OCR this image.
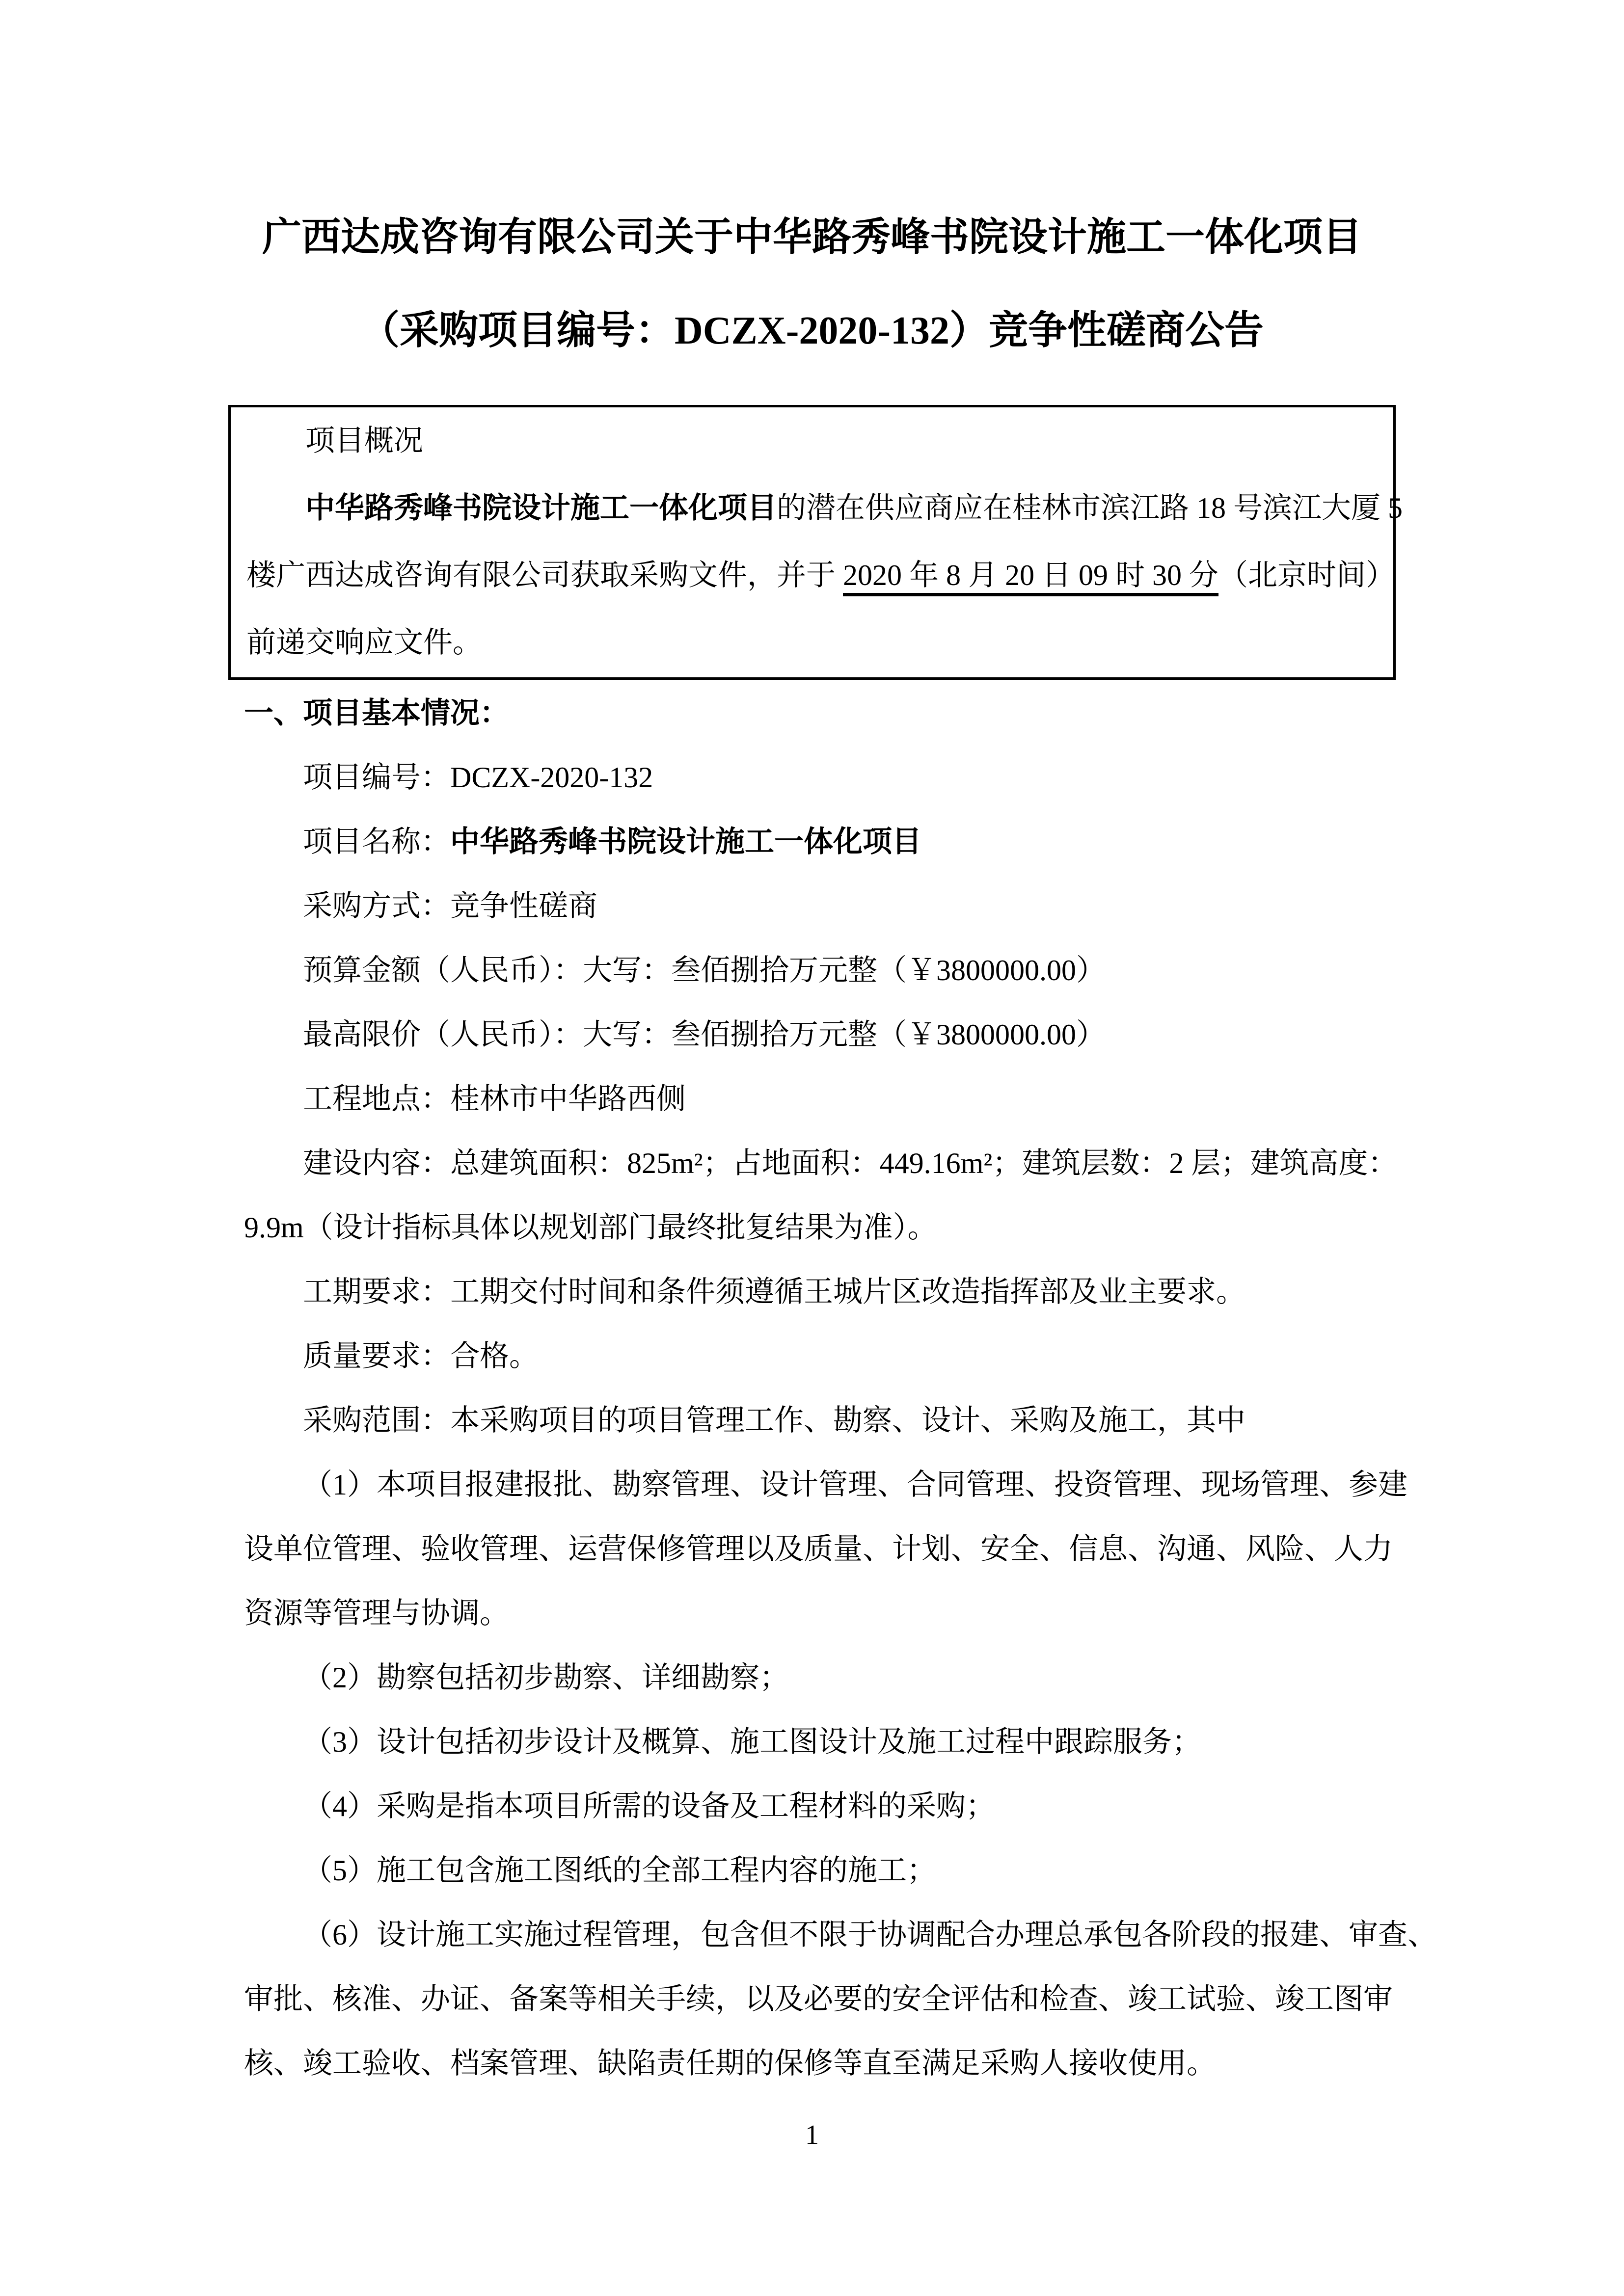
广西达成咨询有限公司关于中华路秀峰书院设计施工一体化项目
（采购项目编号：DCZX-2020-132）竞争性磋商公告
项目概况
中华路秀峰书院设计施工一体化项目的潜在供应商应在桂林市滨江路 18 号滨江大厦 5
楼广西达成咨询有限公司获取采购文件，并于 2020 年 8 月 20 日 09 时 30 分（北京时间）
前递交响应文件。
一、项目基本情况：
项目编号：DCZX-2020-132
项目名称：中华路秀峰书院设计施工一体化项目
采购方式：竞争性磋商
预算金额（人民币）：大写：叁佰捌拾万元整（￥3800000.00）
最高限价（人民币）：大写：叁佰捌拾万元整（￥3800000.00）
工程地点：桂林市中华路西侧
建设内容：总建筑面积：825m²；占地面积：449.16m²；建筑层数：2 层；建筑高度：
9.9m（设计指标具体以规划部门最终批复结果为准）。
工期要求：工期交付时间和条件须遵循王城片区改造指挥部及业主要求。
质量要求：合格。
采购范围：本采购项目的项目管理工作、勘察、设计、采购及施工，其中
（1）本项目报建报批、勘察管理、设计管理、合同管理、投资管理、现场管理、参建
设单位管理、验收管理、运营保修管理以及质量、计划、安全、信息、沟通、风险、人力
资源等管理与协调。
（2）勘察包括初步勘察、详细勘察；
（3）设计包括初步设计及概算、施工图设计及施工过程中跟踪服务；
（4）采购是指本项目所需的设备及工程材料的采购；
（5）施工包含施工图纸的全部工程内容的施工；
（6）设计施工实施过程管理，包含但不限于协调配合办理总承包各阶段的报建、审查、
审批、核准、办证、备案等相关手续，以及必要的安全评估和检查、竣工试验、竣工图审
核、竣工验收、档案管理、缺陷责任期的保修等直至满足采购人接收使用。
1
